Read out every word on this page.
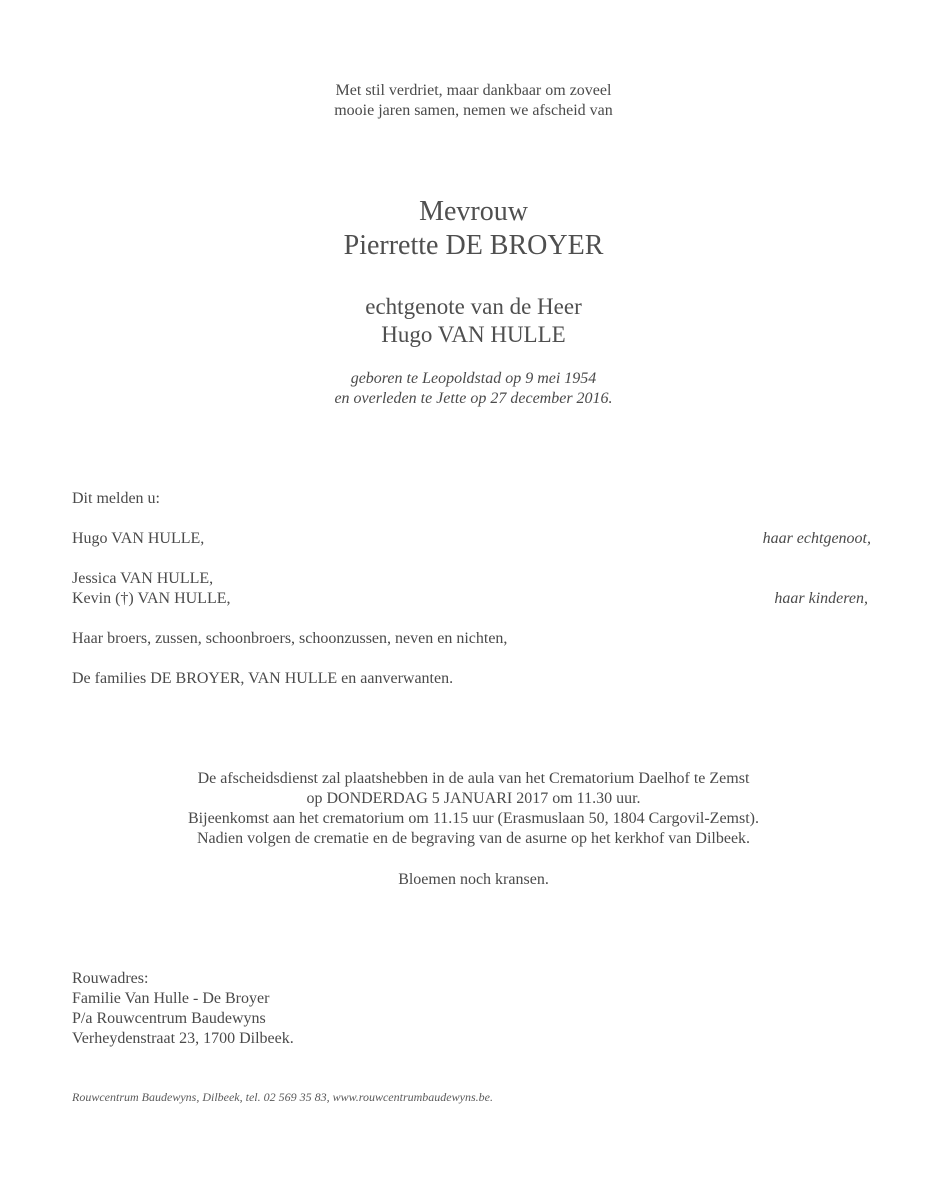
Met stil verdriet, maar dankbaar om zoveel
mooie jaren samen, nemen we afscheid van
Mevrouw
Pierrette DE BROYER
echtgenote van de Heer
Hugo VAN HULLE
geboren te Leopoldstad op 9 mei 1954
en overleden te Jette op 27 december 2016.
Dit melden u:
Hugo VAN HULLE,	haar echtgenoot,
Jessica VAN HULLE,
Kevin (†) VAN HULLE,	haar kinderen,
Haar broers, zussen, schoonbroers, schoonzussen, neven en nichten,
De families DE BROYER, VAN HULLE en aanverwanten.
De afscheidsdienst zal plaatshebben in de aula van het Crematorium Daelhof te Zemst
op DONDERDAG 5 JANUARI 2017 om 11.30 uur.
Bijeenkomst aan het crematorium om 11.15 uur (Erasmuslaan 50, 1804 Cargovil-Zemst).
Nadien volgen de crematie en de begraving van de asurne op het kerkhof van Dilbeek.
Bloemen noch kransen.
Rouwadres:
Familie Van Hulle - De Broyer
P/a Rouwcentrum Baudewyns
Verheydenstraat 23, 1700 Dilbeek.
Rouwcentrum Baudewyns, Dilbeek, tel. 02 569 35 83, www.rouwcentrumbaudewyns.be.
